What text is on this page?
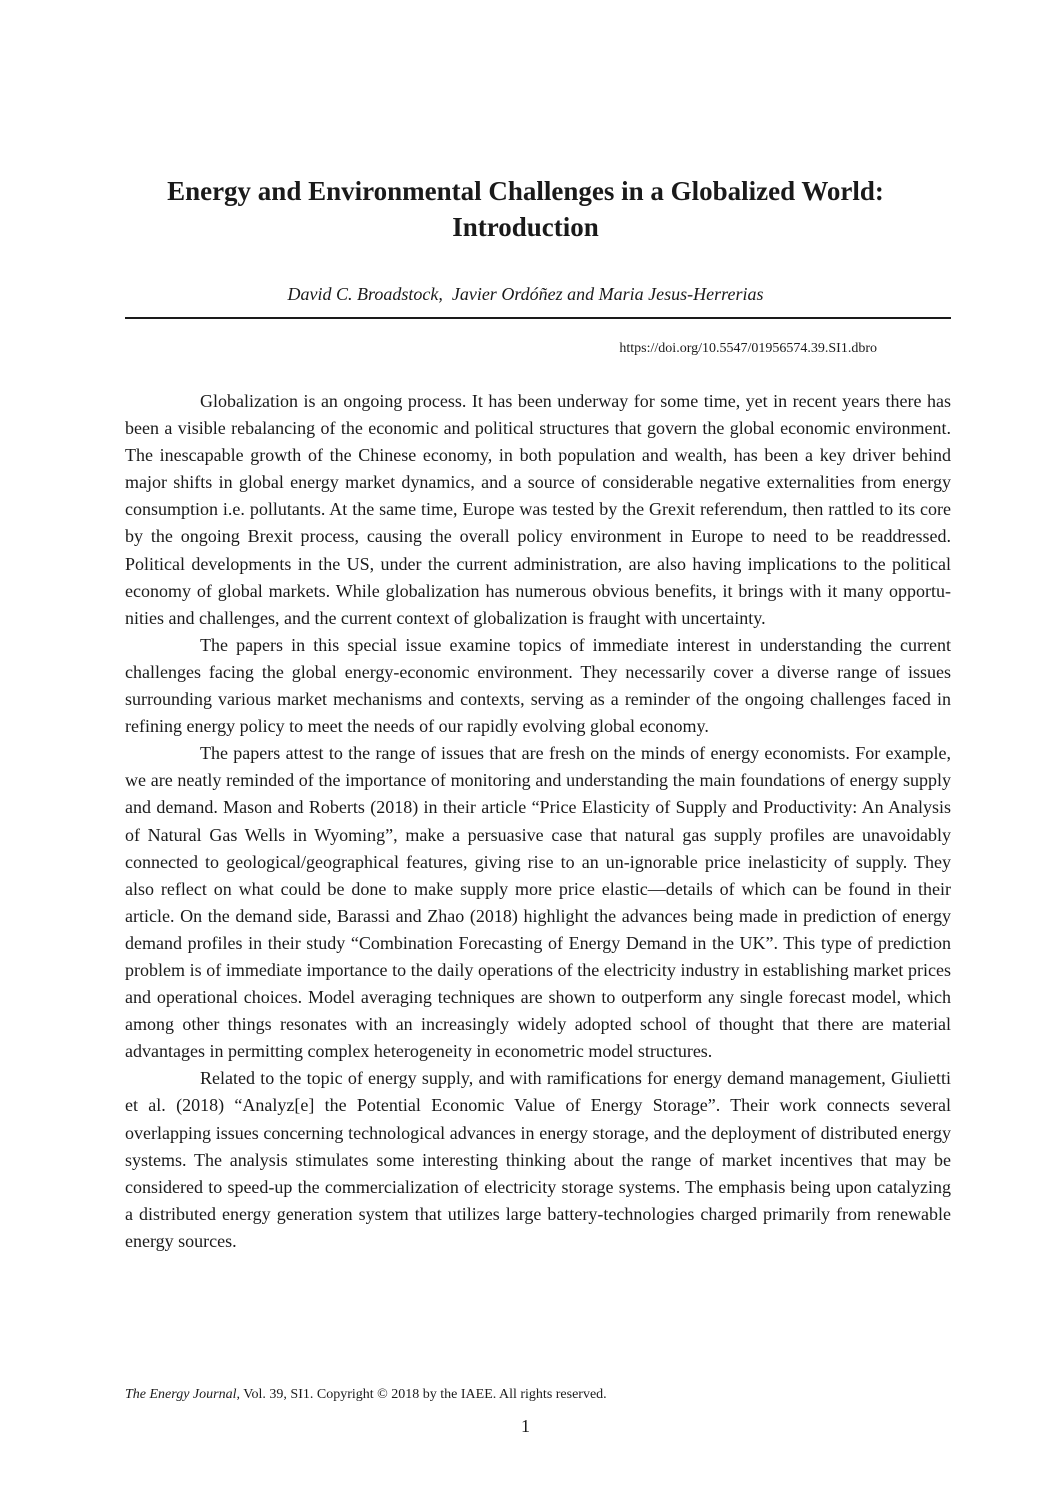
Energy and Environmental Challenges in a Globalized World:
Introduction
David C. Broadstock,  Javier Ordóñez and Maria Jesus-Herrerias
https://doi.org/10.5547/01956574.39.SI1.dbro

Globalization is an ongoing process. It has been underway for some time, yet in recent years there has been a visible rebalancing of the economic and political structures that govern the global economic environment. The inescapable growth of the Chinese economy, in both population and wealth, has been a key driver behind major shifts in global energy market dynamics, and a source of considerable negative externalities from energy consumption i.e. pollutants. At the same time, Europe was tested by the Grexit referendum, then rattled to its core by the ongoing Brexit process, causing the overall policy environment in Europe to need to be readdressed. Political developments in the US, under the current administration, are also having implications to the political economy of global markets. While globalization has numerous obvious benefits, it brings with it many opportunities and challenges, and the current context of globalization is fraught with uncertainty.

The papers in this special issue examine topics of immediate interest in understanding the current challenges facing the global energy-economic environment. They necessarily cover a diverse range of issues surrounding various market mechanisms and contexts, serving as a reminder of the ongoing challenges faced in refining energy policy to meet the needs of our rapidly evolving global economy.

The papers attest to the range of issues that are fresh on the minds of energy economists. For example, we are neatly reminded of the importance of monitoring and understanding the main foundations of energy supply and demand. Mason and Roberts (2018) in their article “Price Elasticity of Supply and Productivity: An Analysis of Natural Gas Wells in Wyoming”, make a persuasive case that natural gas supply profiles are unavoidably connected to geological/geographical features, giving rise to an un-ignorable price inelasticity of supply. They also reflect on what could be done to make supply more price elastic—details of which can be found in their article. On the demand side, Barassi and Zhao (2018) highlight the advances being made in prediction of energy demand profiles in their study “Combination Forecasting of Energy Demand in the UK”. This type of prediction problem is of immediate importance to the daily operations of the electricity industry in establishing market prices and operational choices. Model averaging techniques are shown to outperform any single forecast model, which among other things resonates with an increasingly widely adopted school of thought that there are material advantages in permitting complex heterogeneity in econometric model structures.

Related to the topic of energy supply, and with ramifications for energy demand management, Giulietti et al. (2018) “Analyz[e] the Potential Economic Value of Energy Storage”. Their work connects several overlapping issues concerning technological advances in energy storage, and the deployment of distributed energy systems. The analysis stimulates some interesting thinking about the range of market incentives that may be considered to speed-up the commercialization of electricity storage systems. The emphasis being upon catalyzing a distributed energy generation system that utilizes large battery-technologies charged primarily from renewable energy sources.

The Energy Journal, Vol. 39, SI1. Copyright © 2018 by the IAEE. All rights reserved.
1
